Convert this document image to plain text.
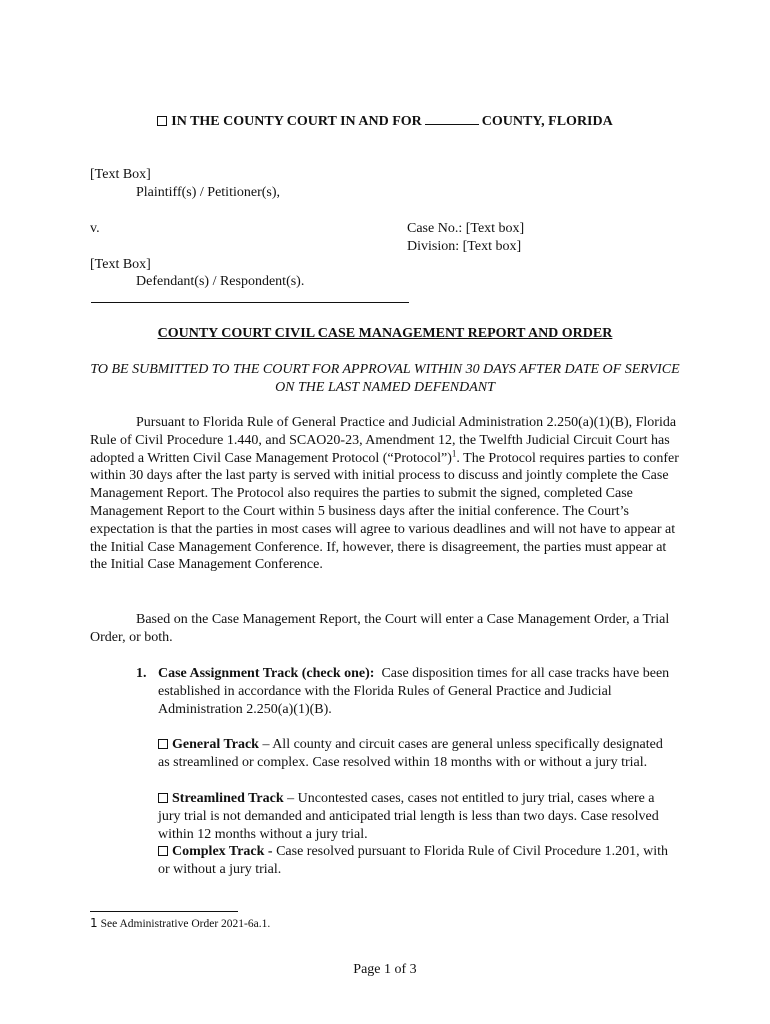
IN THE COUNTY COURT IN AND FOR	COUNTY, FLORIDA
[Text Box]
Plaintiff(s) / Petitioner(s),
v.	Case No.: [Text box]
Division: [Text box]
[Text Box]
Defendant(s) / Respondent(s).
COUNTY COURT CIVIL CASE MANAGEMENT REPORT AND ORDER
TO BE SUBMITTED TO THE COURT FOR APPROVAL WITHIN 30 DAYS AFTER DATE OF SERVICE ON THE LAST NAMED DEFENDANT
Pursuant to Florida Rule of General Practice and Judicial Administration 2.250(a)(1)(B), Florida Rule of Civil Procedure 1.440, and SCAO20-23, Amendment 12, the Twelfth Judicial Circuit Court has adopted a Written Civil Case Management Protocol (“Protocol”)$^1$. The Protocol requires parties to confer within 30 days after the last party is served with initial process to discuss and jointly complete the Case Management Report. The Protocol also requires the parties to submit the signed, completed Case Management Report to the Court within 5 business days after the initial conference. The Court’s expectation is that the parties in most cases will agree to various deadlines and will not have to appear at the Initial Case Management Conference. If, however, there is disagreement, the parties must appear at the Initial Case Management Conference.
Based on the Case Management Report, the Court will enter a Case Management Order, a Trial Order, or both.
1. Case Assignment Track (check one): Case disposition times for all case tracks have been established in accordance with the Florida Rules of General Practice and Judicial Administration 2.250(a)(1)(B).
General Track – All county and circuit cases are general unless specifically designated as streamlined or complex. Case resolved within 18 months with or without a jury trial.
Streamlined Track – Uncontested cases, cases not entitled to jury trial, cases where a jury trial is not demanded and anticipated trial length is less than two days. Case resolved within 12 months without a jury trial.
Complex Track - Case resolved pursuant to Florida Rule of Civil Procedure 1.201, with or without a jury trial.
1 See Administrative Order 2021-6a.1.
Page 1 of 3
